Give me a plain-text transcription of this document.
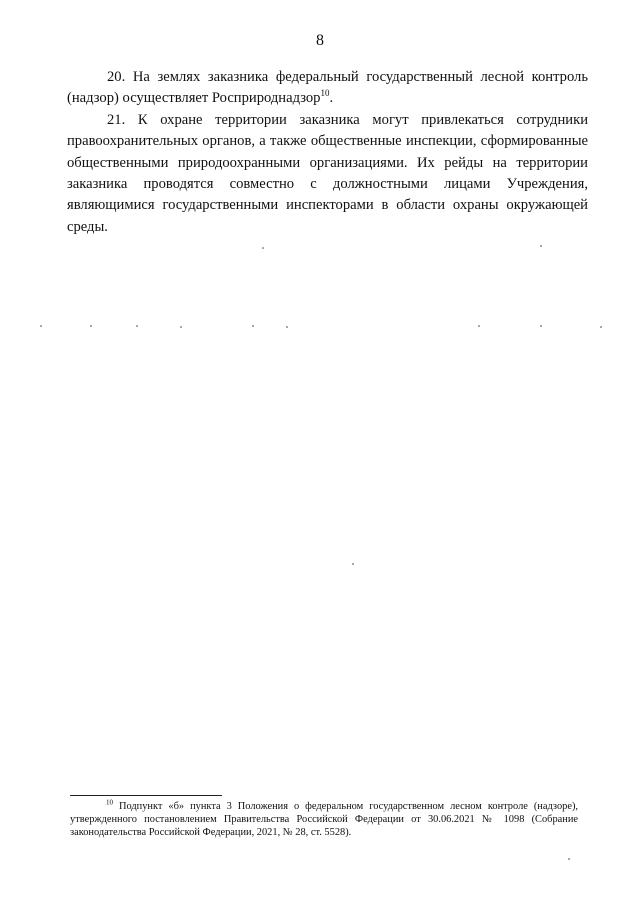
8

20. На землях заказника федеральный государственный лесной контроль (надзор) осуществляет Росприроднадзор$^{10}$.

21. К охране территории заказника могут привлекаться сотрудники правоохранительных органов, а также общественные инспекции, сформированные общественными природоохранными организациями. Их рейды на территории заказника проводятся совместно с должностными лицами Учреждения, являющимися государственными инспекторами в области охраны окружающей среды.

$^{10}$ Подпункт «б» пункта 3 Положения о федеральном государственном лесном контроле (надзоре), утвержденного постановлением Правительства Российской Федерации от 30.06.2021 № 1098 (Собрание законодательства Российской Федерации, 2021, № 28, ст. 5528).
